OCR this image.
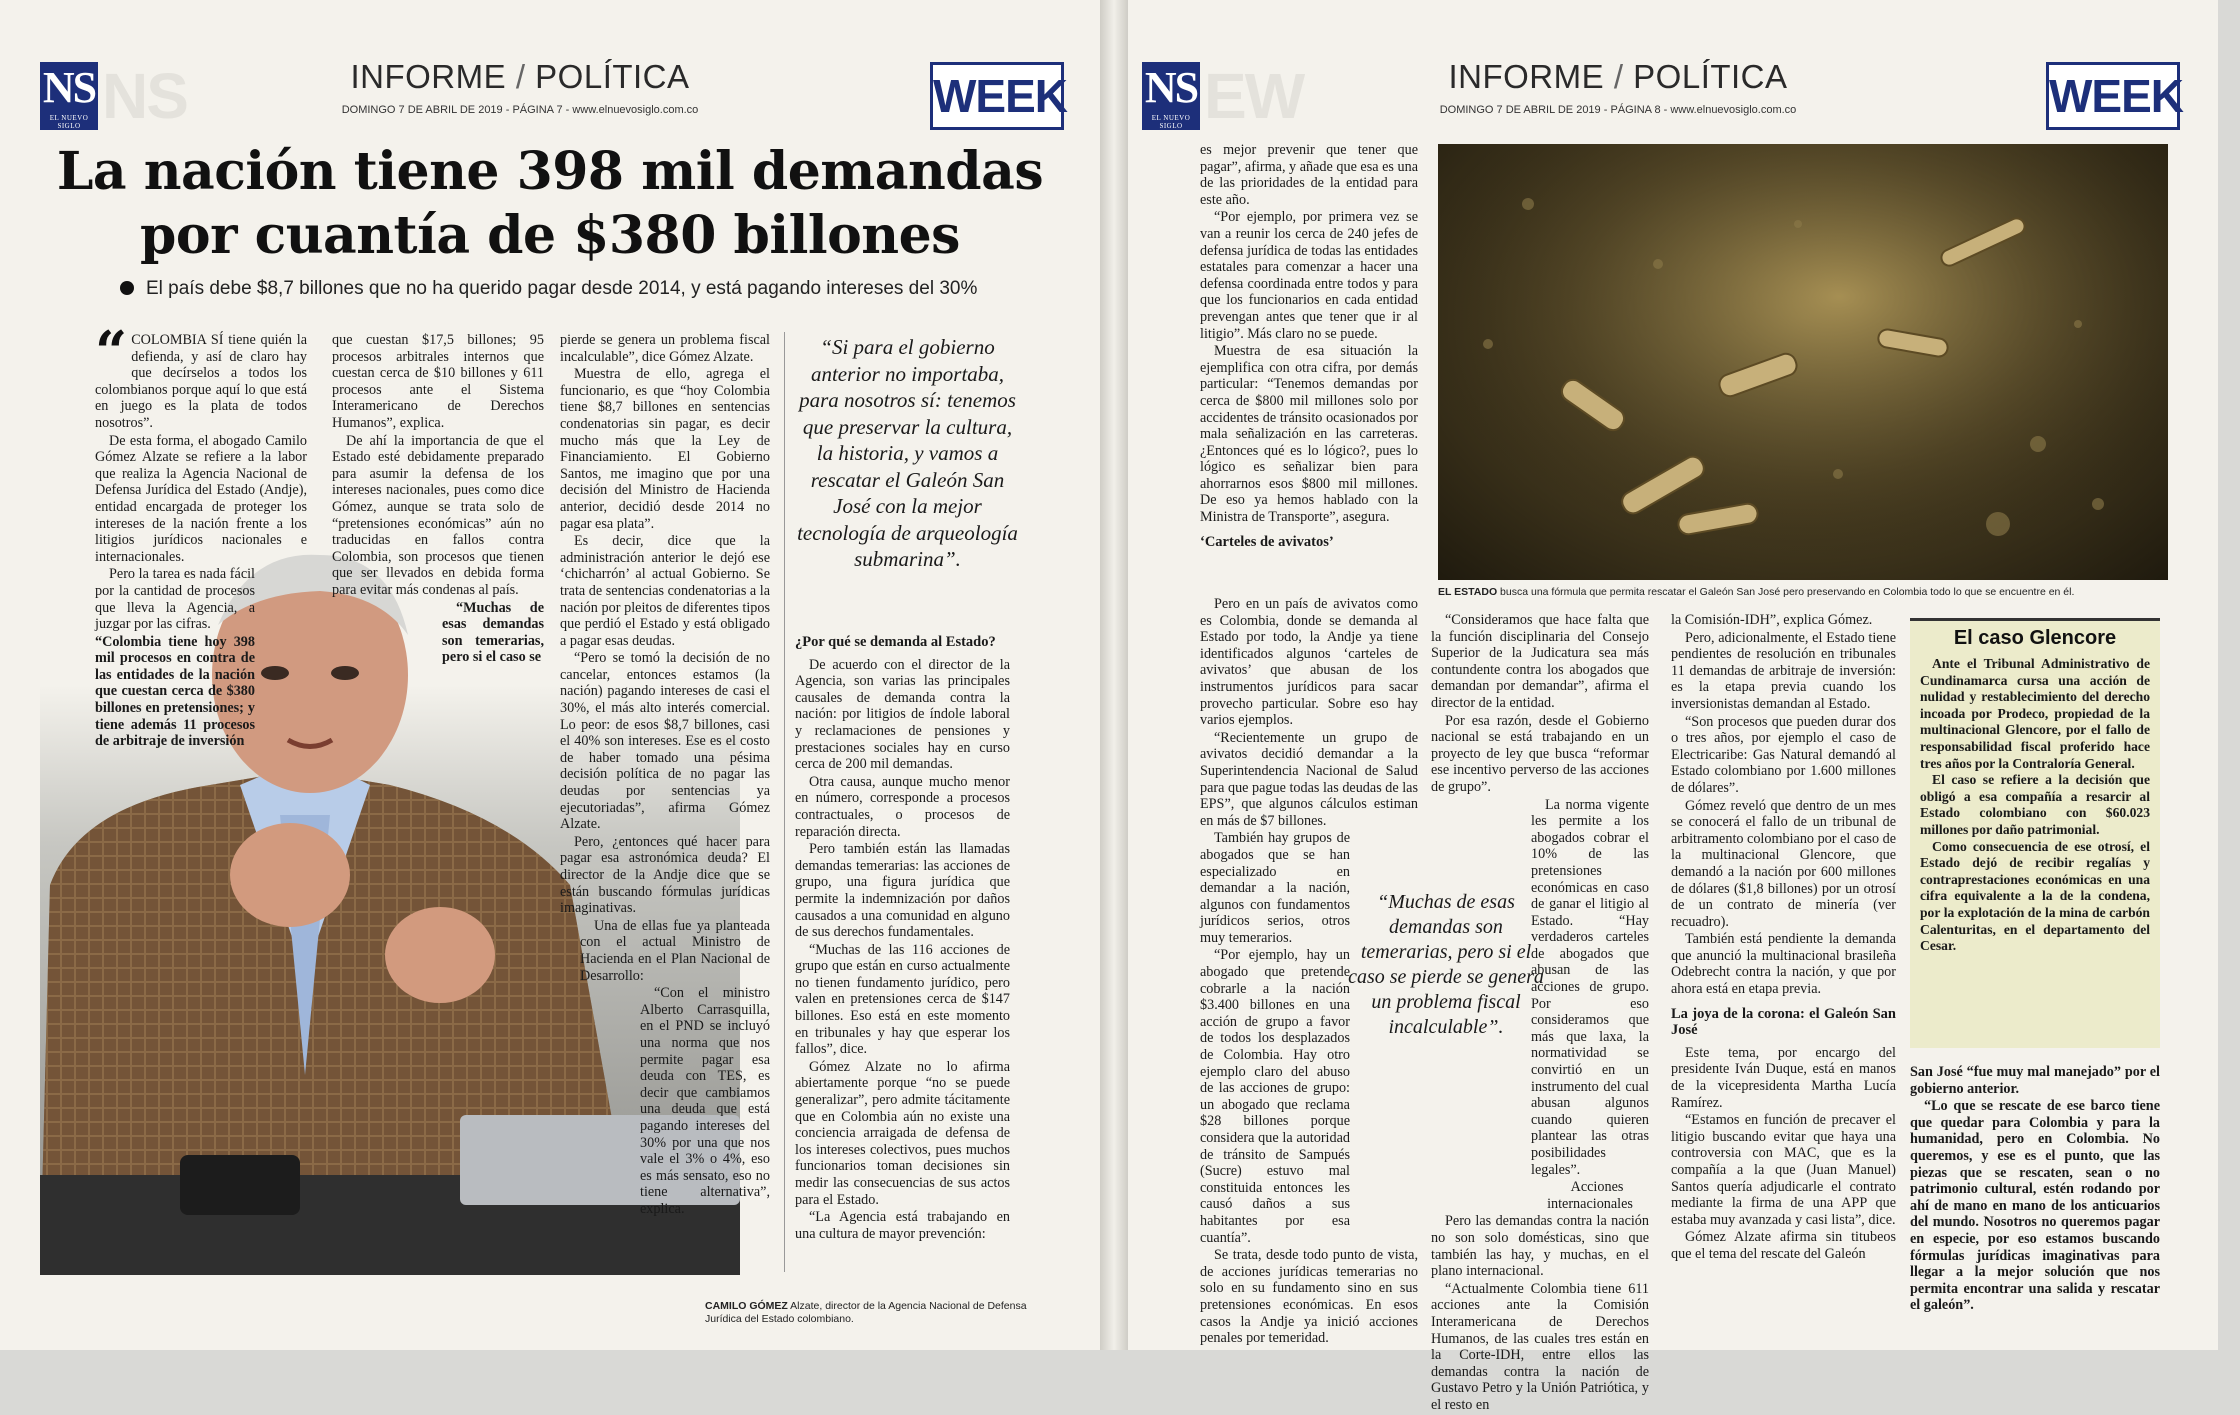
NS
EL NUEVO SIGLO NS	INFORME / POLÍTICA
DOMINGO 7 DE ABRIL DE 2019 - PÁGINA 7 - www.elnuevosiglo.com.co	WEEK
La nación tiene 398 mil demandas
por cuantía de $380 billones
El país debe $8,7 billones que no ha querido pagar desde 2014, y está pagando intereses del 30%

“ COLOMBIA SÍ tiene quién la defienda, y así de claro hay que decírselos a todos los colombianos porque aquí lo que está en juego es la plata de todos nosotros”.

De esta forma, el abogado Camilo Gómez Alzate se refiere a la labor que realiza la Agencia Nacional de Defensa Jurídica del Estado (Andje), entidad encargada de proteger los intereses de la nación frente a los litigios jurídicos nacionales e internacionales.

Pero la tarea es nada fácil por la cantidad de procesos que lleva la Agencia, a juzgar por las cifras.

“Colombia tiene hoy 398 mil procesos en contra de las entidades de la nación que cuestan cerca de $380 billones en pretensiones; y tiene además 11 procesos de arbitraje de inversión

que cuestan $17,5 billones; 95 procesos arbitrales internos que cuestan cerca de $10 billones y 611 procesos ante el Sistema Interamericano de Derechos Humanos”, explica.

De ahí la importancia de que el Estado esté debidamente preparado para asumir la defensa de los intereses nacionales, pues como dice Gómez, aunque se trata solo de “pretensiones económicas” aún no traducidas en fallos contra Colombia, son procesos que tienen que ser llevados en debida forma para evitar más condenas al país.

“Muchas de esas demandas son temerarias, pero si el caso se

pierde se genera un problema fiscal incalculable”, dice Gómez Alzate.

Muestra de ello, agrega el funcionario, es que “hoy Colombia tiene $8,7 billones en sentencias condenatorias sin pagar, es decir mucho más que la Ley de Financiamiento. El Gobierno Santos, me imagino que por una decisión del Ministro de Hacienda anterior, decidió desde 2014 no pagar esa plata”.

Es decir, dice que la administración anterior le dejó ese ‘chicharrón’ al actual Gobierno. Se trata de sentencias condenatorias a la nación por pleitos de diferentes tipos que perdió el Estado y está obligado a pagar esas deudas.

“Pero se tomó la decisión de no cancelar, entonces estamos (la nación) pagando intereses de casi el 30%, el más alto interés comercial. Lo peor: de esos $8,7 billones, casi el 40% son intereses. Ese es el costo de haber tomado una pésima decisión política de no pagar las deudas por sentencias ya ejecutoriadas”, afirma Gómez Alzate.

Pero, ¿entonces qué hacer para pagar esa astronómica deuda? El director de la Andje dice que se están buscando fórmulas jurídicas imaginativas.

Una de ellas fue ya planteada con el actual Ministro de Hacienda en el Plan Nacional de Desarrollo:

“Con el ministro Alberto Carrasquilla, en el PND se incluyó una norma que nos permite pagar esa deuda con TES, es decir que cambiamos una deuda que está pagando intereses del 30% por una que nos vale el 3% o 4%, eso es más sensato, eso no tiene alternativa”, explica.

“Si para el gobierno anterior no importaba, para nosotros sí: tenemos que preservar la cultura, la historia, y vamos a rescatar el Galeón San José con la mejor tecnología de arqueología submarina”.
¿Por qué se demanda al Estado?

De acuerdo con el director de la Agencia, son varias las principales causales de demanda contra la nación: por litigios de índole laboral y reclamaciones de pensiones y prestaciones sociales hay en curso cerca de 200 mil demandas.

Otra causa, aunque mucho menor en número, corresponde a procesos contractuales, o procesos de reparación directa.

Pero también están las llamadas demandas temerarias: las acciones de grupo, una figura jurídica que permite la indemnización por daños causados a una comunidad en alguno de sus derechos fundamentales.

“Muchas de las 116 acciones de grupo que están en curso actualmente no tienen fundamento jurídico, pero valen en pretensiones cerca de $147 billones. Eso está en este momento en tribunales y hay que esperar los fallos”, dice.

Gómez Alzate no lo afirma abiertamente porque “no se puede generalizar”, pero admite tácitamente que en Colombia aún no existe una conciencia arraigada de defensa de los intereses colectivos, pues muchos funcionarios toman decisiones sin medir las consecuencias de sus actos para el Estado.

“La Agencia está trabajando en una cultura de mayor prevención:

CAMILO GÓMEZ Alzate, director de la Agencia Nacional de Defensa Jurídica del Estado colombiano.
NS
EL NUEVO SIGLO EW	INFORME / POLÍTICA
DOMINGO 7 DE ABRIL DE 2019 - PÁGINA 8 - www.elnuevosiglo.com.co	WEEK

es mejor prevenir que tener que pagar”, afirma, y añade que esa es una de las prioridades de la entidad para este año.

“Por ejemplo, por primera vez se van a reunir los cerca de 240 jefes de defensa jurídica de todas las entidades estatales para comenzar a hacer una defensa coordinada entre todos y para que los funcionarios en cada entidad prevengan antes que tener que ir al litigio”. Más claro no se puede.

Muestra de esa situación la ejemplifica con otra cifra, por demás particular: “Tenemos demandas por cerca de $800 mil millones solo por accidentes de tránsito ocasionados por mala señalización en las carreteras. ¿Entonces qué es lo lógico?, pues lo lógico es señalizar bien para ahorrarnos esos $800 mil millones. De eso ya hemos hablado con la Ministra de Transporte”, asegura.

‘Carteles de avivatos’
EL ESTADO busca una fórmula que permita rescatar el Galeón San José pero preservando en Colombia todo lo que se encuentre en él.

Pero en un país de avivatos como es Colombia, donde se demanda al Estado por todo, la Andje ya tiene identificados algunos ‘carteles de avivatos’ que abusan de los instrumentos jurídicos para sacar provecho particular. Sobre eso hay varios ejemplos.

“Recientemente un grupo de avivatos decidió demandar a la Superintendencia Nacional de Salud para que pague todas las deudas de las EPS”, que algunos cálculos estiman en más de $7 billones.

También hay grupos de abogados que se han especializado en demandar a la nación, algunos con fundamentos jurídicos serios, otros muy temerarios.

“Por ejemplo, hay un abogado que pretende cobrarle a la nación $3.400 billones en una acción de grupo a favor de todos los desplazados de Colombia. Hay otro ejemplo claro del abuso de las acciones de grupo: un abogado que reclama $28 billones porque considera que la autoridad de tránsito de Sampués (Sucre) estuvo mal constituida entonces les causó daños a sus habitantes por esa cuantía”.

Se trata, desde todo punto de vista, de acciones jurídicas temerarias no solo en su fundamento sino en sus pretensiones económicas. En esos casos la Andje ya inició acciones penales por temeridad.

“Muchas de esas demandas son temerarias, pero si el caso se pierde se genera un problema fiscal incalculable”.

“Consideramos que hace falta que la función disciplinaria del Consejo Superior de la Judicatura sea más contundente contra los abogados que demandan por demandar”, afirma el director de la entidad.

Por esa razón, desde el Gobierno nacional se está trabajando en un proyecto de ley que busca “reformar ese incentivo perverso de las acciones de grupo”.

La norma vigente les permite a los abogados cobrar el 10% de las pretensiones económicas en caso de ganar el litigio al Estado. “Hay verdaderos carteles de abogados que abusan de las acciones de grupo. Por eso consideramos que más que laxa, la normatividad se convirtió en un instrumento del cual abusan algunos cuando quieren plantear las otras posibilidades legales”.

Acciones internacionales

Pero las demandas contra la nación no son solo domésticas, sino que también las hay, y muchas, en el plano internacional.

“Actualmente Colombia tiene 611 acciones ante la Comisión Interamericana de Derechos Humanos, de las cuales tres están en la Corte-IDH, entre ellos las demandas contra la nación de Gustavo Petro y la Unión Patriótica, y el resto en

la Comisión-IDH”, explica Gómez.

Pero, adicionalmente, el Estado tiene pendientes de resolución en tribunales 11 demandas de arbitraje de inversión: es la etapa previa cuando los inversionistas demandan al Estado.

“Son procesos que pueden durar dos o tres años, por ejemplo el caso de Electricaribe: Gas Natural demandó al Estado colombiano por 1.600 millones de dólares”.

Gómez reveló que dentro de un mes se conocerá el fallo de un tribunal de arbitramento colombiano por el caso de la multinacional Glencore, que demandó a la nación por 600 millones de dólares ($1,8 billones) por un otrosí de un contrato de minería (ver recuadro).

También está pendiente la demanda que anunció la multinacional brasileña Odebrecht contra la nación, y que por ahora está en etapa previa.

La joya de la corona: el Galeón San José

Este tema, por encargo del presidente Iván Duque, está en manos de la vicepresidenta Martha Lucía Ramírez.

“Estamos en función de precaver el litigio buscando evitar que haya una controversia con MAC, que es la compañía a la que (Juan Manuel) Santos quería adjudicarle el contrato mediante la firma de una APP que estaba muy avanzada y casi lista”, dice.

Gómez Alzate afirma sin titubeos que el tema del rescate del Galeón

El caso Glencore

Ante el Tribunal Administrativo de Cundinamarca cursa una acción de nulidad y restablecimiento del derecho incoada por Prodeco, propiedad de la multinacional Glencore, por el fallo de responsabilidad fiscal proferido hace tres años por la Contraloría General.

El caso se refiere a la decisión que obligó a esa compañía a resarcir al Estado colombiano con $60.023 millones por daño patrimonial.

Como consecuencia de ese otrosí, el Estado dejó de recibir regalías y contraprestaciones económicas en una cifra equivalente a la de la condena, por la explotación de la mina de carbón Calenturitas, en el departamento del Cesar.

San José “fue muy mal manejado” por el gobierno anterior.

“Lo que se rescate de ese barco tiene que quedar para Colombia y para la humanidad, pero en Colombia. No queremos, y ese es el punto, que las piezas que se rescaten, sean o no patrimonio cultural, estén rodando por ahí de mano en mano de los anticuarios del mundo. Nosotros no queremos pagar en especie, por eso estamos buscando fórmulas jurídicas imaginativas para llegar a la mejor solución que nos permita encontrar una salida y rescatar el galeón”.
